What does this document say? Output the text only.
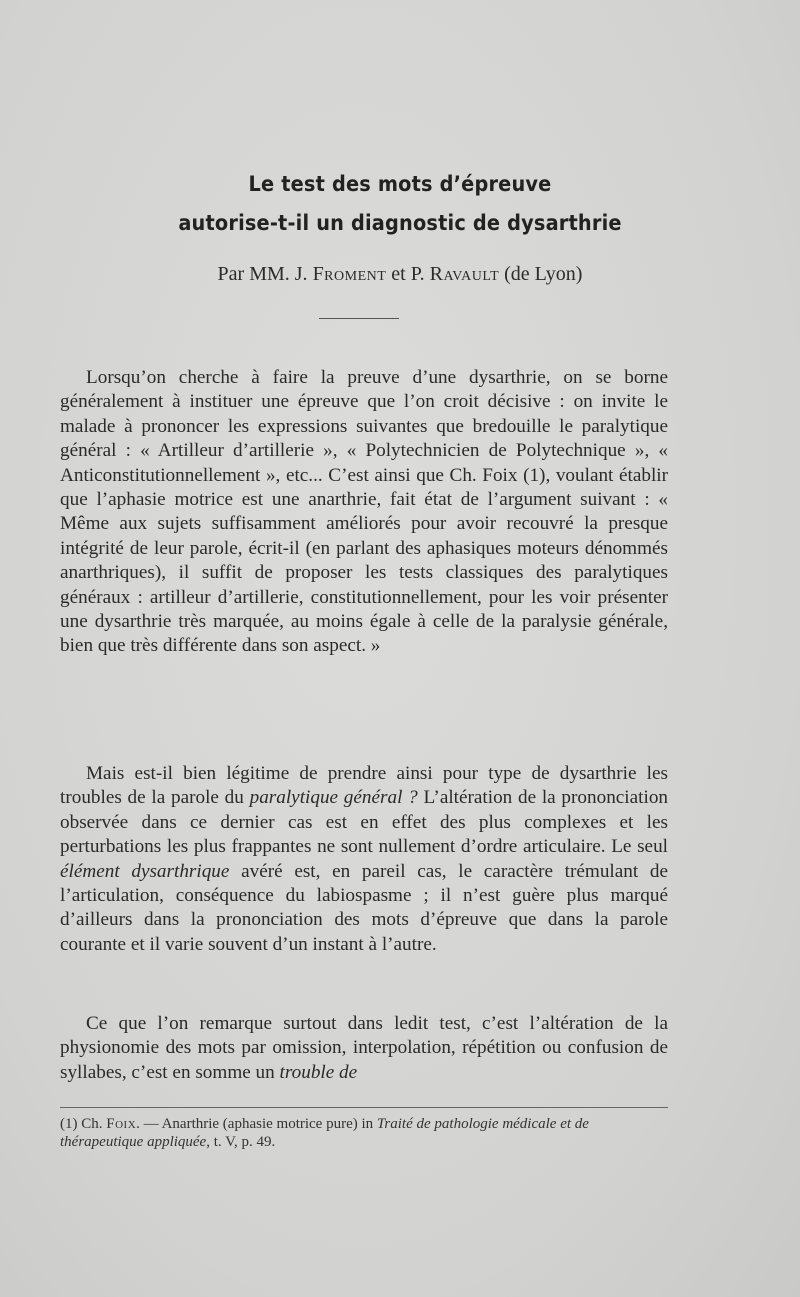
Le test des mots d’épreuve
autorise-t-il un diagnostic de dysarthrie
Par MM. J. Froment et P. Ravault (de Lyon)

Lorsqu’on cherche à faire la preuve d’une dysarthrie, on se borne généralement à instituer une épreuve que l’on croit décisive : on invite le malade à prononcer les expressions suivantes que bredouille le paralytique général : « Artilleur d’artillerie », « Polytechnicien de Polytechnique », « Anticonstitutionnellement », etc... C’est ainsi que Ch. Foix (1), voulant établir que l’aphasie motrice est une anarthrie, fait état de l’argument suivant : « Même aux sujets suffisamment améliorés pour avoir recouvré la presque intégrité de leur parole, écrit-il (en parlant des aphasiques moteurs dénommés anarthriques), il suffit de proposer les tests classiques des paralytiques généraux : artilleur d’artillerie, constitutionnellement, pour les voir présenter une dysarthrie très marquée, au moins égale à celle de la paralysie générale, bien que très différente dans son aspect. »

Mais est-il bien légitime de prendre ainsi pour type de dysarthrie les troubles de la parole du paralytique général ? L’altération de la prononciation observée dans ce dernier cas est en effet des plus complexes et les perturbations les plus frappantes ne sont nullement d’ordre articulaire. Le seul élément dysarthrique avéré est, en pareil cas, le caractère trémulant de l’articulation, conséquence du labiospasme ; il n’est guère plus marqué d’ailleurs dans la prononciation des mots d’épreuve que dans la parole courante et il varie souvent d’un instant à l’autre.

Ce que l’on remarque surtout dans ledit test, c’est l’altération de la physionomie des mots par omission, interpolation, répétition ou confusion de syllabes, c’est en somme un trouble de

(1) Ch. Foix. — Anarthrie (aphasie motrice pure) in Traité de pathologie médicale et de thérapeutique appliquée, t. V, p. 49.
